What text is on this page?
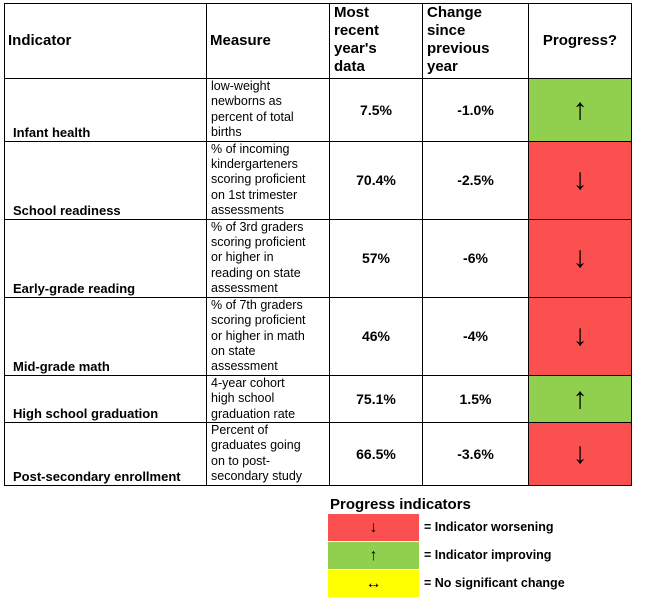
Indicator	Measure	Most
recent
year's
data	Change
since
previous
year	Progress?
Infant health	low-weight
newborns as
percent of total
births	7.5%	-1.0%	↑
School readiness	% of incoming
kindergarteners
scoring proficient
on 1st trimester
assessments	70.4%	-2.5%	↓
Early-grade reading	% of 3rd graders
scoring proficient
or higher in
reading on state
assessment	57%	-6%	↓
Mid-grade math	% of 7th graders
scoring proficient
or higher in math
on state
assessment	46%	-4%	↓
High school graduation	4-year cohort
high school
graduation rate	75.1%	1.5%	↑
Post-secondary enrollment	Percent of
graduates going
on to post-
secondary study	66.5%	-3.6%	↓
Progress indicators
↓	= Indicator worsening
↑	= Indicator improving
↔	= No significant change
